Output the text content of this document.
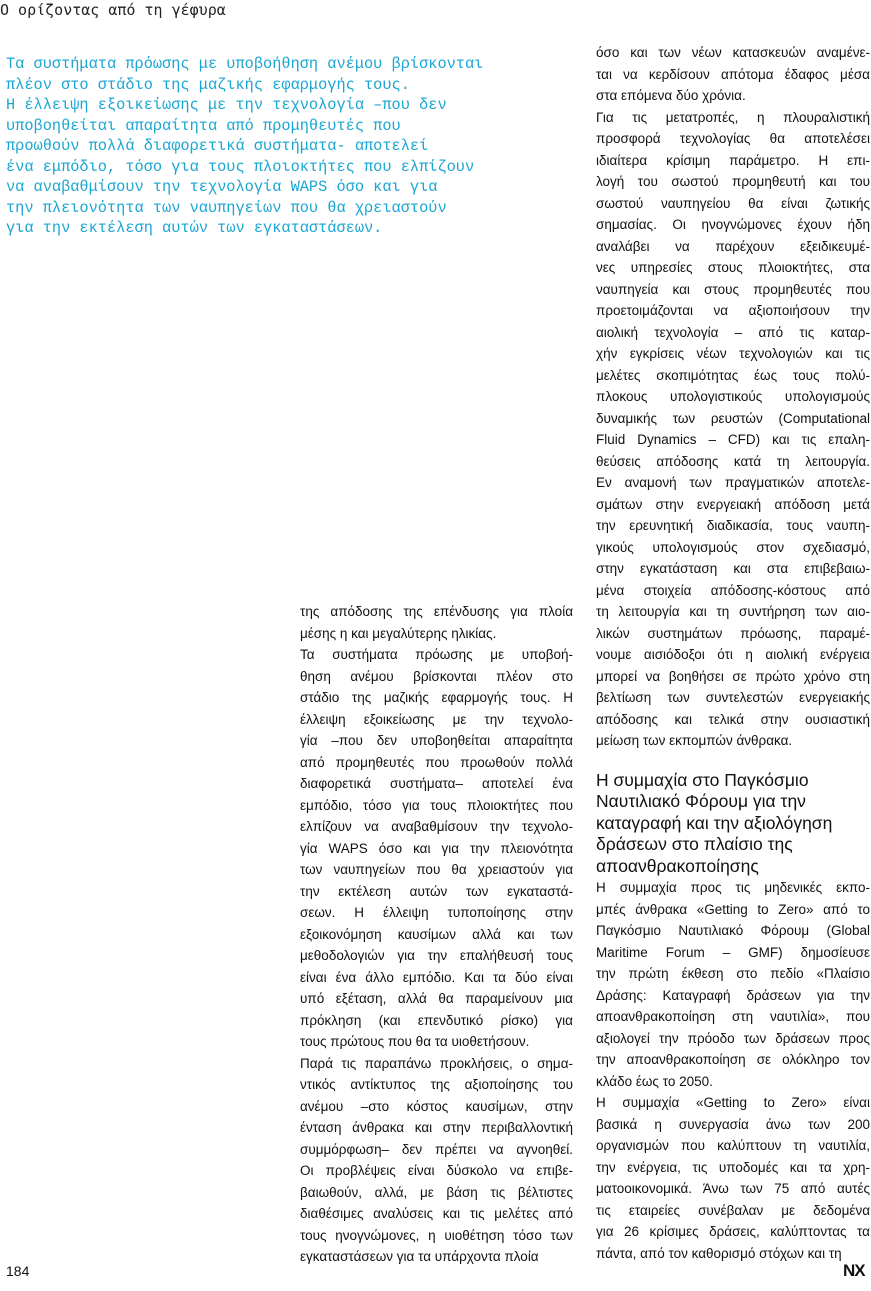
Ο ορίζοντας από τη γέφυρα
Τα συστήματα πρόωσης με υποβοήθηση ανέμου βρίσκονται
πλέον στο στάδιο της μαζικής εφαρμογής τους.
Η έλλειψη εξοικείωσης με την τεχνολογία –που δεν
υποβοηθείται απαραίτητα από προμηθευτές που
προωθούν πολλά διαφορετικά συστήματα- αποτελεί
ένα εμπόδιο, τόσο για τους πλοιοκτήτες που ελπίζουν
να αναβαθμίσουν την τεχνολογία WAPS όσο και για
την πλειονότητα των ναυπηγείων που θα χρειαστούν
για την εκτέλεση αυτών των εγκαταστάσεων.

της απόδοσης της επένδυσης για πλοία
μέσης η και μεγαλύτερης ηλικίας.

Τα συστήματα πρόωσης με υποβοή-
θηση ανέμου βρίσκονται πλέον στο
στάδιο της μαζικής εφαρμογής τους. Η
έλλειψη εξοικείωσης με την τεχνολο-
γία –που δεν υποβοηθείται απαραίτητα
από προμηθευτές που προωθούν πολλά
διαφορετικά συστήματα– αποτελεί ένα
εμπόδιο, τόσο για τους πλοιοκτήτες που
ελπίζουν να αναβαθμίσουν την τεχνολο-
γία WAPS όσο και για την πλειονότητα
των ναυπηγείων που θα χρειαστούν για
την εκτέλεση αυτών των εγκαταστά-
σεων. Η έλλειψη τυποποίησης στην
εξοικονόμηση καυσίμων αλλά και των
μεθοδολογιών για την επαλήθευσή τους
είναι ένα άλλο εμπόδιο. Και τα δύο είναι
υπό εξέταση, αλλά θα παραμείνουν μια
πρόκληση (και επενδυτικό ρίσκο) για
τους πρώτους που θα τα υιοθετήσουν.

Παρά τις παραπάνω προκλήσεις, ο σημα-
ντικός αντίκτυπος της αξιοποίησης του
ανέμου –στο κόστος καυσίμων, στην
ένταση άνθρακα και στην περιβαλλοντική
συμμόρφωση– δεν πρέπει να αγνοηθεί.
Οι προβλέψεις είναι δύσκολο να επιβε-
βαιωθούν, αλλά, με βάση τις βέλτιστες
διαθέσιμες αναλύσεις και τις μελέτες από
τους ηνογνώμονες, η υιοθέτηση τόσο των
εγκαταστάσεων για τα υπάρχοντα πλοία

όσο και των νέων κατασκευών αναμένε-
ται να κερδίσουν απότομα έδαφος μέσα
στα επόμενα δύο χρόνια.

Για τις μετατροπές, η πλουραλιστική
προσφορά τεχνολογίας θα αποτελέσει
ιδιαίτερα κρίσιμη παράμετρο. Η επι-
λογή του σωστού προμηθευτή και του
σωστού ναυπηγείου θα είναι ζωτικής
σημασίας. Οι ηνογνώμονες έχουν ήδη
αναλάβει να παρέχουν εξειδικευμέ-
νες υπηρεσίες στους πλοιοκτήτες, στα
ναυπηγεία και στους προμηθευτές που
προετοιμάζονται να αξιοποιήσουν την
αιολική τεχνολογία – από τις καταρ-
χήν εγκρίσεις νέων τεχνολογιών και τις
μελέτες σκοπιμότητας έως τους πολύ-
πλοκους υπολογιστικούς υπολογισμούς
δυναμικής των ρευστών (Computational
Fluid Dynamics – CFD) και τις επαλη-
θεύσεις απόδοσης κατά τη λειτουργία.
Εν αναμονή των πραγματικών αποτελε-
σμάτων στην ενεργειακή απόδοση μετά
την ερευνητική διαδικασία, τους ναυπη-
γικούς υπολογισμούς στον σχεδιασμό,
στην εγκατάσταση και στα επιβεβαιω-
μένα στοιχεία απόδοσης-κόστους από
τη λειτουργία και τη συντήρηση των αιο-
λικών συστημάτων πρόωσης, παραμέ-
νουμε αισιόδοξοι ότι η αιολική ενέργεια
μπορεί να βοηθήσει σε πρώτο χρόνο στη
βελτίωση των συντελεστών ενεργειακής
απόδοσης και τελικά στην ουσιαστική
μείωση των εκπομπών άνθρακα.

Η συμμαχία στο Παγκόσμιο
Ναυτιλιακό Φόρουμ για την
καταγραφή και την αξιολόγηση
δράσεων στο πλαίσιο της
απoανθρακοποίησης

Η συμμαχία προς τις μηδενικές εκπο-
μπές άνθρακα «Getting to Zero» από το
Παγκόσμιο Ναυτιλιακό Φόρουμ (Global
Maritime Forum – GMF) δημοσίευσε
την πρώτη έκθεση στο πεδίο «Πλαίσιο
Δράσης: Καταγραφή δράσεων για την
απoανθρακοποίηση στη ναυτιλία», που
αξιολογεί την πρόοδο των δράσεων προς
την απoανθρακοποίηση σε ολόκληρο τον
κλάδο έως το 2050.

Η συμμαχία «Getting to Zero» είναι
βασικά η συνεργασία άνω των 200
οργανισμών που καλύπτουν τη ναυτιλία,
την ενέργεια, τις υποδομές και τα χρη-
ματοοικονομικά. Άνω των 75 από αυτές
τις εταιρείες συνέβαλαν με δεδομένα
για 26 κρίσιμες δράσεις, καλύπτοντας τα
πάντα, από τον καθορισμό στόχων και τη

184	NX
